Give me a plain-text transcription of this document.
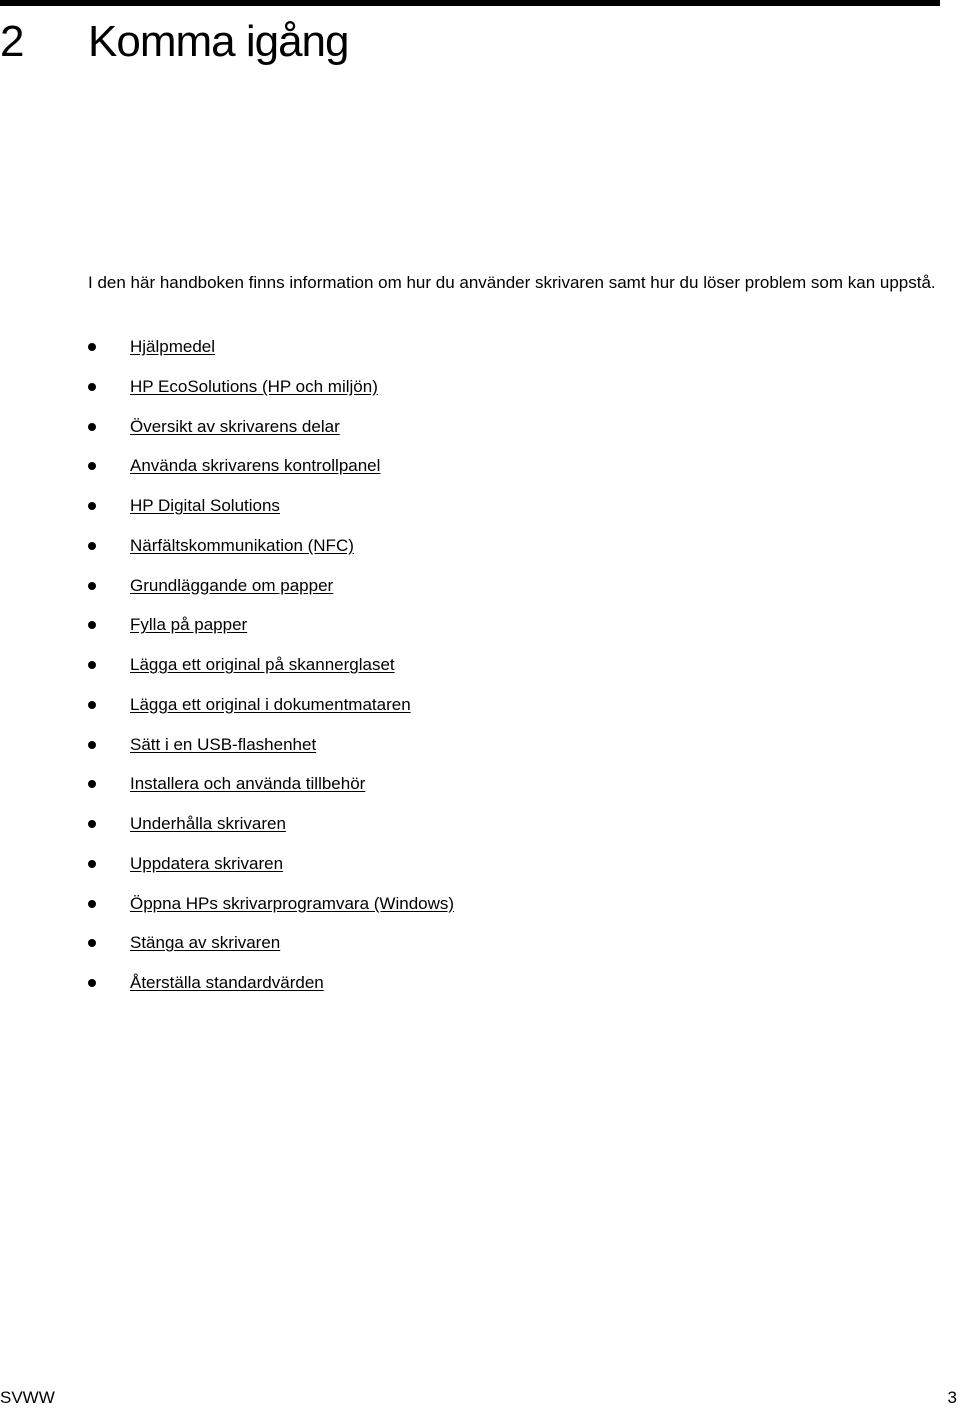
2 Komma igång

I den här handboken finns information om hur du använder skrivaren samt hur du löser problem som kan uppstå.

Hjälpmedel
HP EcoSolutions (HP och miljön)
Översikt av skrivarens delar
Använda skrivarens kontrollpanel
HP Digital Solutions
Närfältskommunikation (NFC)
Grundläggande om papper
Fylla på papper
Lägga ett original på skannerglaset
Lägga ett original i dokumentmataren
Sätt i en USB-flashenhet
Installera och använda tillbehör
Underhålla skrivaren
Uppdatera skrivaren
Öppna HPs skrivarprogramvara (Windows)
Stänga av skrivaren
Återställa standardvärden
SVWW	3
